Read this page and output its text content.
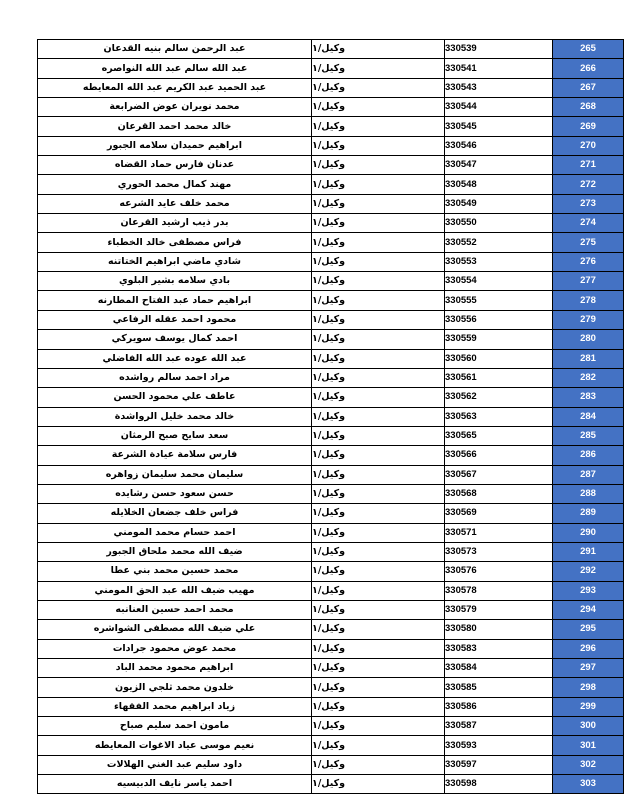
عبد الرحمن سالم بنيه القدعان	وكيل/١	330539	265
عبد الله سالم عبد الله النواصره	وكيل/١	330541	266
عبد الحميد عبد الكريم عبد الله المعايطه	وكيل/١	330543	267
محمد نويران عوض الضرابعة	وكيل/١	330544	268
خالد محمد احمد القرعان	وكيل/١	330545	269
ابراهيم حميدان سلامه الجبور	وكيل/١	330546	270
عدنان فارس حماد القضاه	وكيل/١	330547	271
مهند كمال محمد الحوري	وكيل/١	330548	272
محمد خلف عايد الشرعه	وكيل/١	330549	273
بدر ذيب ارشيد القرعان	وكيل/١	330550	274
فراس مصطفى خالد الخطباء	وكيل/١	330552	275
شادي ماضي ابراهيم الختاتنه	وكيل/١	330553	276
بادي سلامه بشير البلوي	وكيل/١	330554	277
ابراهيم حماد عبد الفتاح المطارنه	وكيل/١	330555	278
محمود احمد عقله الرفاعي	وكيل/١	330556	279
احمد كمال يوسف سويركي	وكيل/١	330559	280
عبد الله عوده عبد الله الفاضلي	وكيل/١	330560	281
مراد احمد سالم رواشده	وكيل/١	330561	282
عاطف علي محمود الحسن	وكيل/١	330562	283
خالد محمد خليل الرواشدة	وكيل/١	330563	284
سعد سايح صبح الرمثان	وكيل/١	330565	285
فارس سلامة عيادة الشرعة	وكيل/١	330566	286
سليمان محمد سليمان زواهره	وكيل/١	330567	287
حسن سعود حسن رشايده	وكيل/١	330568	288
فراس خلف جضعان الخلايله	وكيل/١	330569	289
احمد حسام محمد المومني	وكيل/١	330571	290
ضيف الله محمد ملحاق الجبور	وكيل/١	330573	291
محمد حسين محمد بني عطا	وكيل/١	330576	292
مهيب ضيف الله عبد الحق المومني	وكيل/١	330578	293
محمد احمد حسين العنانبه	وكيل/١	330579	294
علي ضيف الله مصطفى الشواشره	وكيل/١	330580	295
محمد عوض محمود جرادات	وكيل/١	330583	296
ابراهيم محمود محمد الباد	وكيل/١	330584	297
خلدون محمد ثلجي الزيون	وكيل/١	330585	298
زياد ابراهيم محمد الفقهاء	وكيل/١	330586	299
مامون احمد سليم صباح	وكيل/١	330587	300
نعيم موسى عياد الاغوات المعايطه	وكيل/١	330593	301
داود سليم عبد الغني الهلالات	وكيل/١	330597	302
احمد ياسر نايف الدبيسيه	وكيل/١	330598	303
